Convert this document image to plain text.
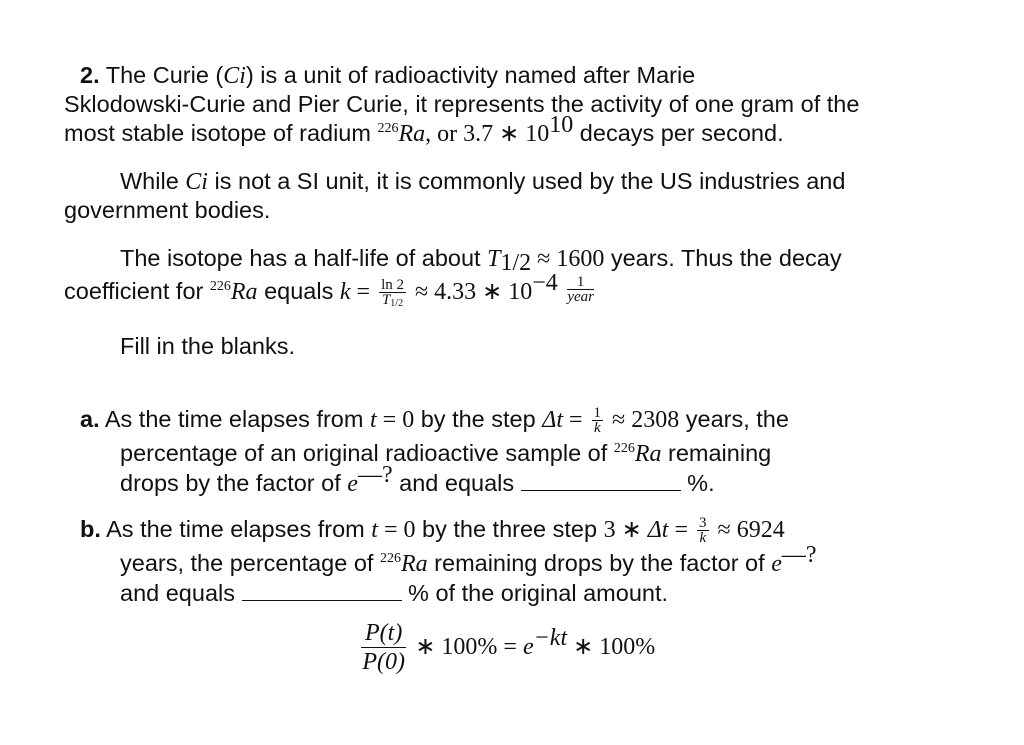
2. The Curie (Ci) is a unit of radioactivity named after Marie
Sklodowski-Curie and Pier Curie, it represents the activity of one gram of the
most stable isotope of radium $^{226}$Ra, or 3.7 ∗ $10^{10}$ decays per second.
While Ci is not a SI unit, it is commonly used by the US industries and
government bodies.
The isotope has a half-life of about $T_{1/2} \approx 1600$ years. Thus the decay
coefficient for $^{226}$Ra equals $k = \frac{\ln 2}{T_{1/2}} \approx 4.33$ ∗ $10^{-4} \frac{1}{\text{year}}$
Fill in the blanks.
a. As the time elapses from t = 0 by the step $\Delta t = \frac{1}{k} \approx 2308$ years, the
percentage of an original radioactive sample of $^{226}$Ra remaining
drops by the factor of e—? and equals	%.
b. As the time elapses from t = 0 by the three step 3 ∗ $\Delta t = \frac{3}{k} \approx 6924$
years, the percentage of $^{226}$Ra remaining drops by the factor of e—?
and equals	% of the original amount.
$\frac{P(t)}{P(0)}$ ∗ $100\% = e^{-kt}$ ∗ 100%
